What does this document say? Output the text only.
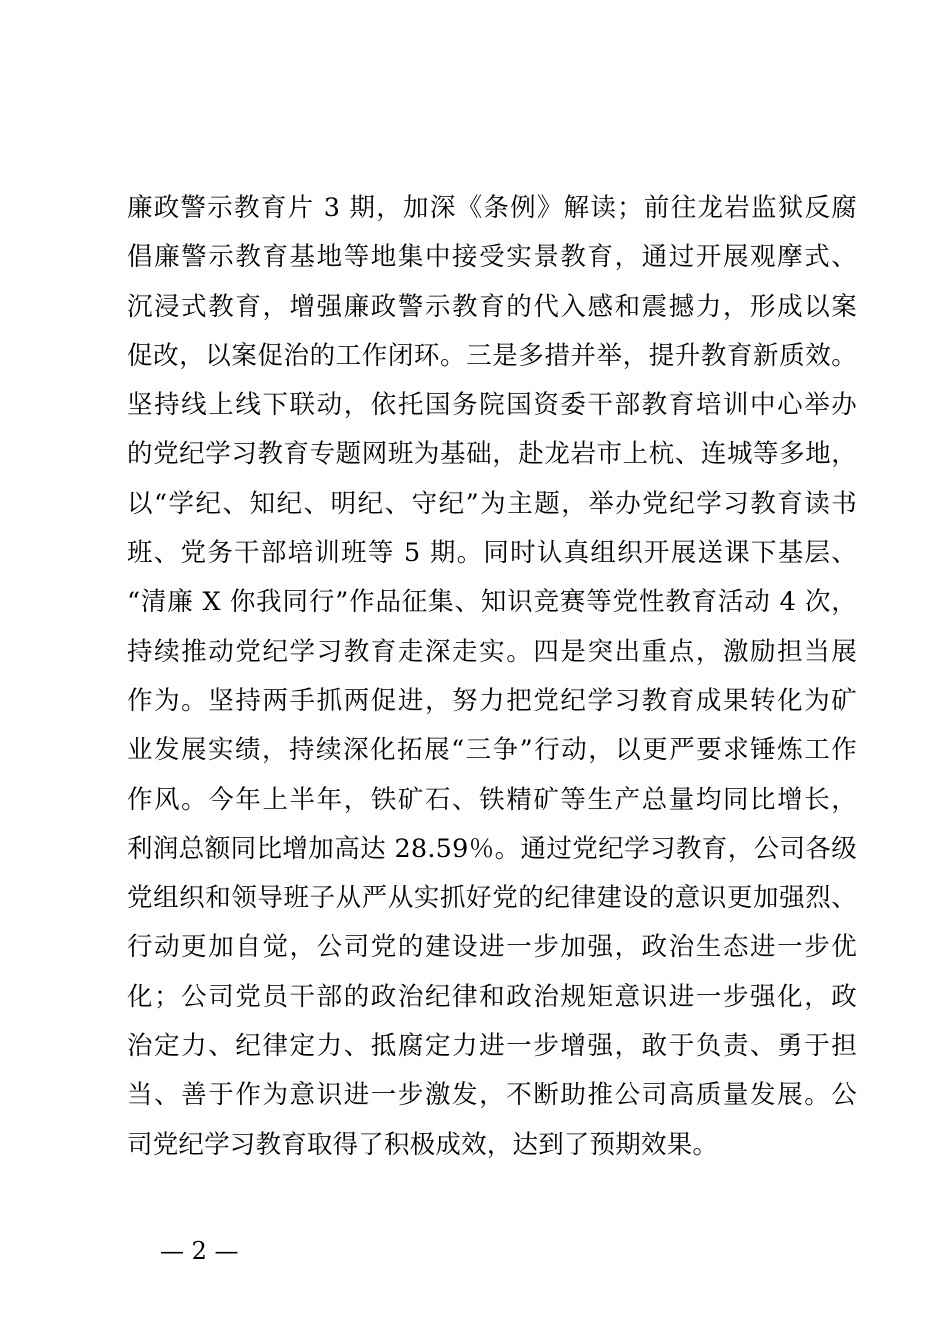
廉政警示教育片 3 期，加深《条例》解读；前往龙岩监狱反腐
倡廉警示教育基地等地集中接受实景教育，通过开展观摩式、
沉浸式教育，增强廉政警示教育的代入感和震撼力，形成以案
促改，以案促治的工作闭环。三是多措并举，提升教育新质效。
坚持线上线下联动，依托国务院国资委干部教育培训中心举办
的党纪学习教育专题网班为基础，赴龙岩市上杭、连城等多地，
以“学纪、知纪、明纪、守纪”为主题，举办党纪学习教育读书
班、党务干部培训班等 5 期。同时认真组织开展送课下基层、
“清廉 X 你我同行”作品征集、知识竞赛等党性教育活动 4 次，
持续推动党纪学习教育走深走实。四是突出重点，激励担当展
作为。坚持两手抓两促进，努力把党纪学习教育成果转化为矿
业发展实绩，持续深化拓展“三争”行动，以更严要求锤炼工作
作风。今年上半年，铁矿石、铁精矿等生产总量均同比增长，
利润总额同比增加高达 28.59％。通过党纪学习教育，公司各级
党组织和领导班子从严从实抓好党的纪律建设的意识更加强烈、
行动更加自觉，公司党的建设进一步加强，政治生态进一步优
化；公司党员干部的政治纪律和政治规矩意识进一步强化，政
治定力、纪律定力、抵腐定力进一步增强，敢于负责、勇于担
当、善于作为意识进一步激发，不断助推公司高质量发展。公
司党纪学习教育取得了积极成效，达到了预期效果。
— 2 —
